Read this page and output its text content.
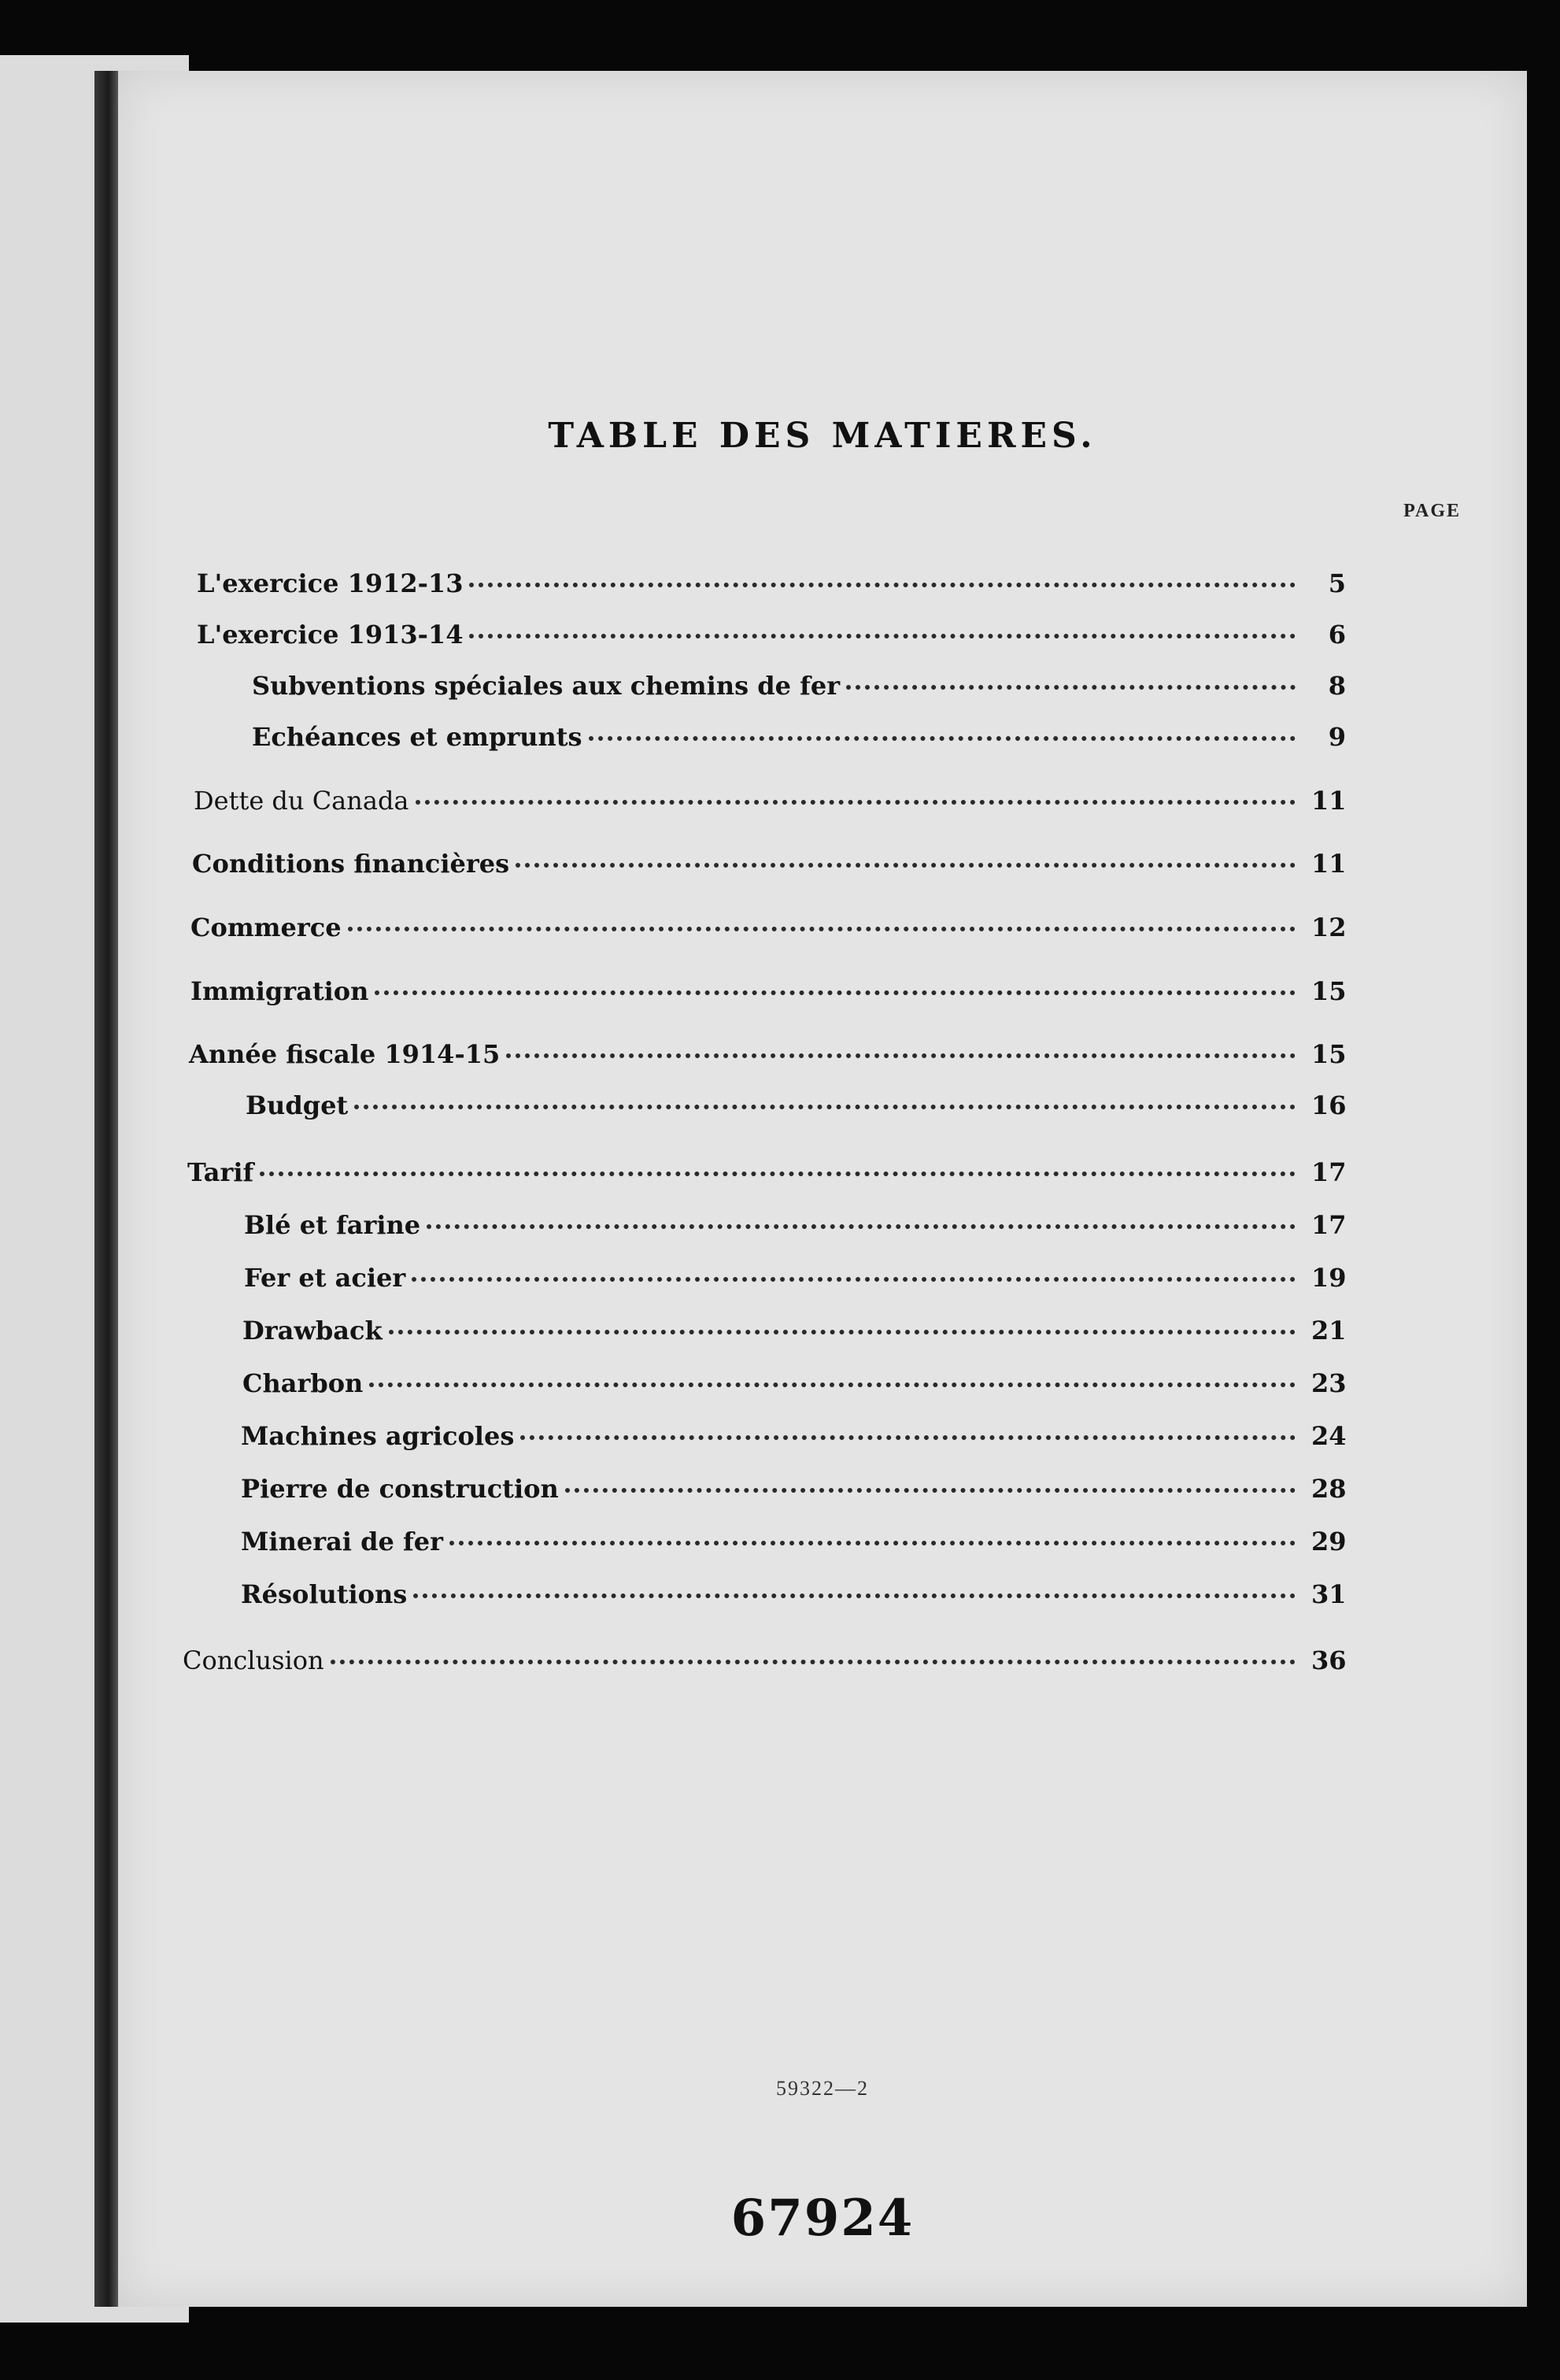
TABLE DES MATIERES.
PAGE
L'exercice 1912-13	5
L'exercice 1913-14	6
Subventions spéciales aux chemins de fer	8
Echéances et emprunts	9
Dette du Canada	11
Conditions financières	11
Commerce	12
Immigration	15
Année fiscale 1914-15	15
Budget	16
Tarif	17
Blé et farine	17
Fer et acier	19
Drawback	21
Charbon	23
Machines agricoles	24
Pierre de construction	28
Minerai de fer	29
Résolutions	31
Conclusion	36
59322—2
67924
